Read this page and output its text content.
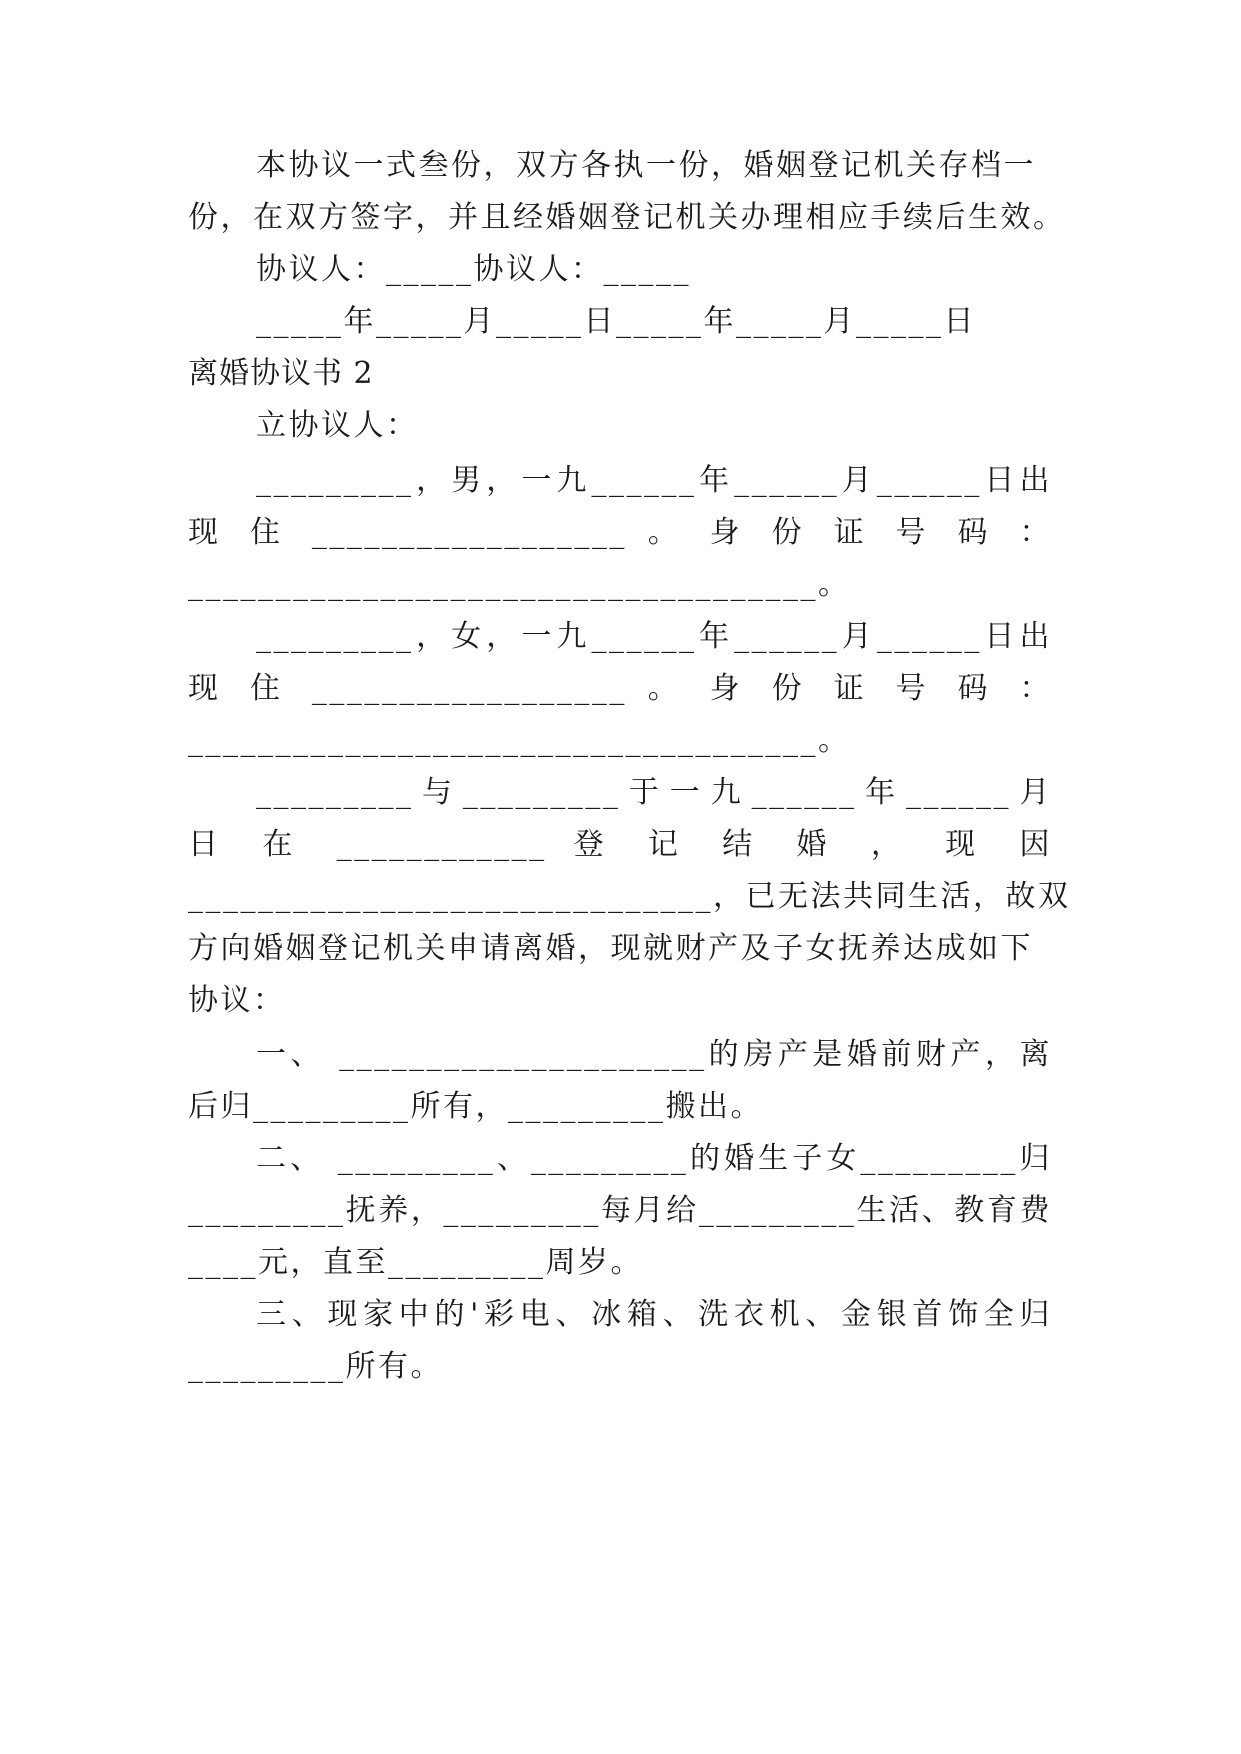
本协议一式叁份，双方各执一份，婚姻登记机关存档一
份，在双方签字，并且经婚姻登记机关办理相应手续后生效。
协议人：_____协议人：_____
_____年_____月_____日_____年_____月_____日
离婚协议书 2
立协议人：
_________，男，一九______年______月______日出
现 住 __________________ 。 身 份 证 号 码 ：
____________________________________。
_________，女，一九______年______月______日出
现 住 __________________ 。 身 份 证 号 码 ：
____________________________________。
_________与_________于一九______年______月
日 在 ____________ 登 记 结 婚 ， 现 因
______________________________，已无法共同生活，故双
方向婚姻登记机关申请离婚，现就财产及子女抚养达成如下
协议：
一、 _____________________的房产是婚前财产，离
后归_________所有，_________搬出。
二、 _________、_________的婚生子女_________归
_________抚养，_________每月给_________生活、教育费
____元，直至_________周岁。
三、现家中的'彩电、冰箱、洗衣机、金银首饰全归
_________所有。
